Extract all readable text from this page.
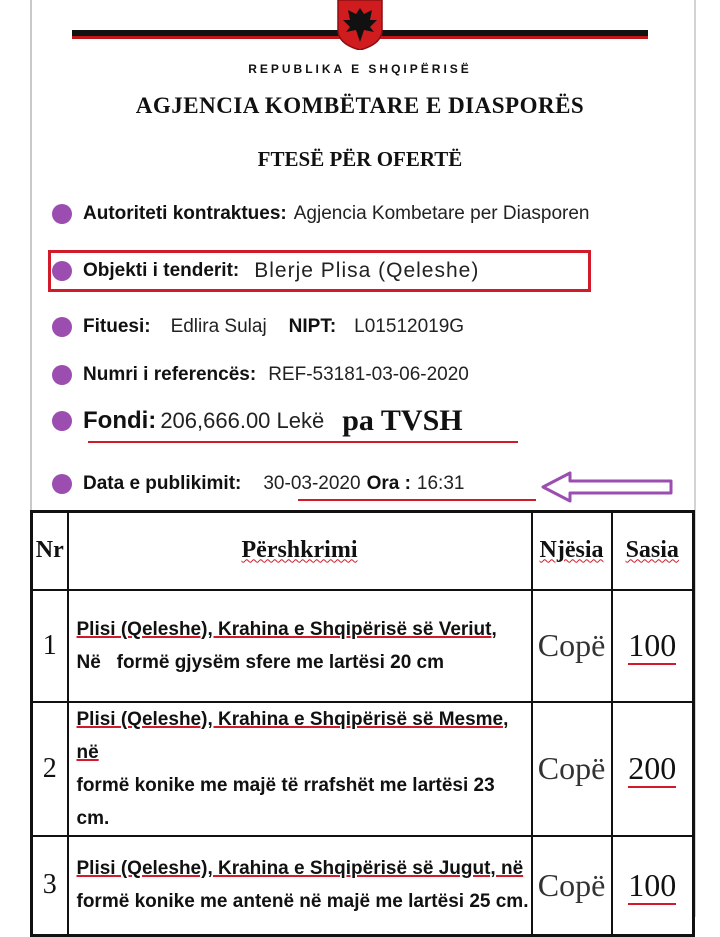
REPUBLIKA E SHQIPËRISË
AGJENCIA KOMBËTARE E DIASPORËS
FTESË PËR OFERTË
Autoriteti kontraktues: Agjencia Kombetare per Diasporen
Objekti i tenderit: Blerje Plisa (Qeleshe)
Fituesi: Edlira Sulaj NIPT: L01512019G
Numri i referencës: REF-53181-03-06-2020
Fondi: 206,666.00 Lekë pa TVSH
Data e publikimit: 30-03-2020 Ora : 16:31
Nr	Përshkrimi	Njësia	Sasia
1	Plisi (Qeleshe), Krahina e Shqipërisë së Veriut,
Në   formë gjysëm sfere me lartësi 20 cm	Copë	100
2	Plisi (Qeleshe), Krahina e Shqipërisë së Mesme, në
formë konike me majë të rrafshët me lartësi 23 cm.	Copë	200
3	Plisi (Qeleshe), Krahina e Shqipërisë së Jugut, në
formë konike me antenë në majë me lartësi 25 cm.	Copë	100
